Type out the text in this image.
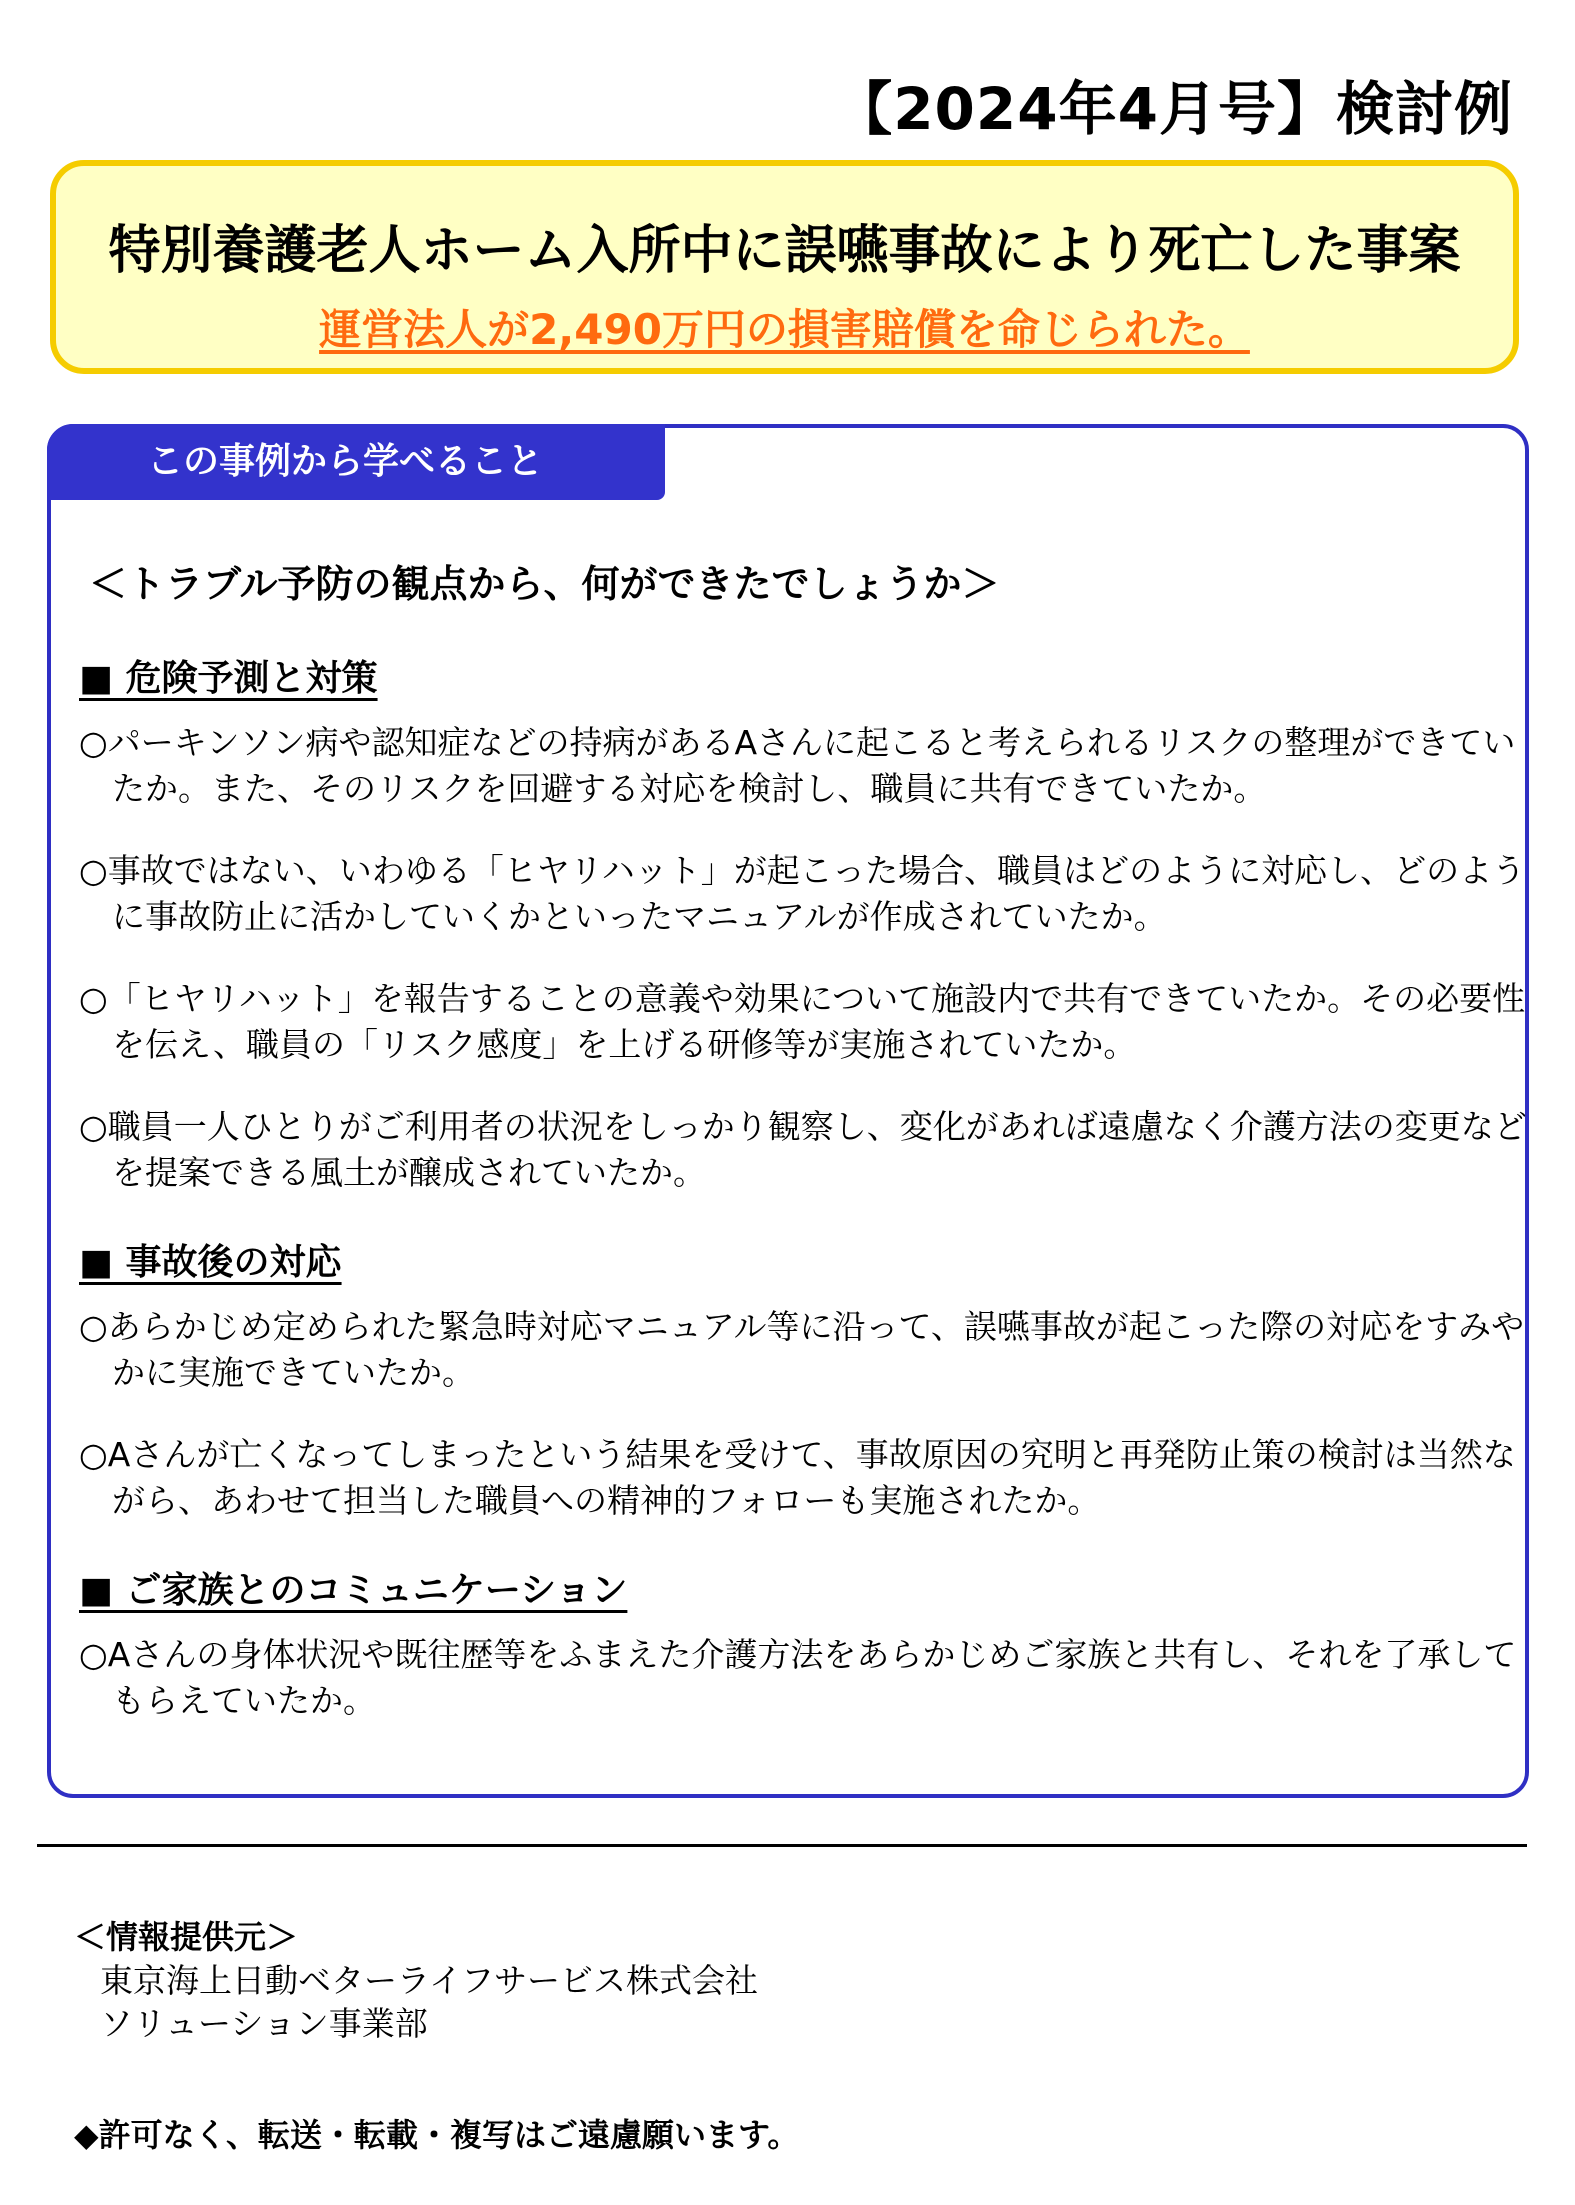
【2024年4月号】検討例
特別養護老人ホーム入所中に誤嚥事故により死亡した事案
運営法人が2,490万円の損害賠償を命じられた。
この事例から学べること
＜トラブル予防の観点から、何ができたでしょうか＞
■ 危険予測と対策
○パーキンソン病や認知症などの持病があるAさんに起こると考えられるリスクの整理ができていたか。また、そのリスクを回避する対応を検討し、職員に共有できていたか。
○事故ではない、いわゆる「ヒヤリハット」が起こった場合、職員はどのように対応し、どのように事故防止に活かしていくかといったマニュアルが作成されていたか。
○「ヒヤリハット」を報告することの意義や効果について施設内で共有できていたか。その必要性を伝え、職員の「リスク感度」を上げる研修等が実施されていたか。
○職員一人ひとりがご利用者の状況をしっかり観察し、変化があれば遠慮なく介護方法の変更などを提案できる風土が醸成されていたか。
■ 事故後の対応
○あらかじめ定められた緊急時対応マニュアル等に沿って、誤嚥事故が起こった際の対応をすみやかに実施できていたか。
○Aさんが亡くなってしまったという結果を受けて、事故原因の究明と再発防止策の検討は当然ながら、あわせて担当した職員への精神的フォローも実施されたか。
■ ご家族とのコミュニケーション
○Aさんの身体状況や既往歴等をふまえた介護方法をあらかじめご家族と共有し、それを了承してもらえていたか。
＜情報提供元＞
東京海上日動ベターライフサービス株式会社
ソリューション事業部
◆許可なく、転送・転載・複写はご遠慮願います。
